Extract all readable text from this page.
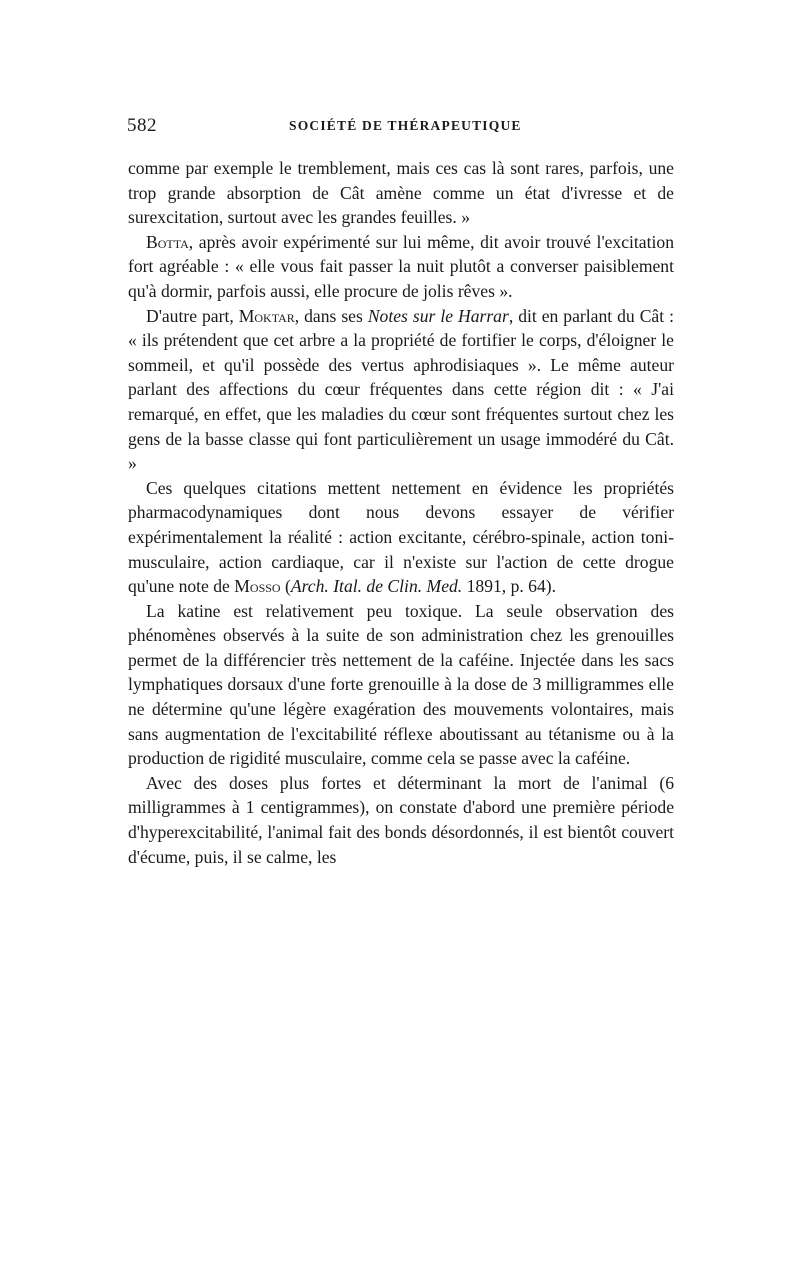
582	SOCIÉTÉ DE THÉRAPEUTIQUE

comme par exemple le tremblement, mais ces cas là sont rares, parfois, une trop grande absorption de Cât amène comme un état d'ivresse et de surexcitation, surtout avec les grandes feuilles. »

Botta, après avoir expérimenté sur lui même, dit avoir trouvé l'excitation fort agréable : « elle vous fait passer la nuit plutôt a converser paisiblement qu'à dormir, parfois aussi, elle procure de jolis rêves ».

D'autre part, Moktar, dans ses Notes sur le Harrar, dit en parlant du Cât : « ils prétendent que cet arbre a la propriété de fortifier le corps, d'éloigner le sommeil, et qu'il possède des vertus aphrodisiaques ». Le même auteur parlant des affections du cœur fréquentes dans cette région dit : « J'ai remarqué, en effet, que les maladies du cœur sont fréquentes surtout chez les gens de la basse classe qui font particulièrement un usage immodéré du Cât. »

Ces quelques citations mettent nettement en évidence les propriétés pharmacodynamiques dont nous devons essayer de vérifier expérimentalement la réalité : action excitante, cérébro-spinale, action toni-musculaire, action cardiaque, car il n'existe sur l'action de cette drogue qu'une note de Mosso (Arch. Ital. de Clin. Med. 1891, p. 64).

La katine est relativement peu toxique. La seule observation des phénomènes observés à la suite de son administration chez les grenouilles permet de la différencier très nettement de la caféine. Injectée dans les sacs lymphatiques dorsaux d'une forte grenouille à la dose de 3 milligrammes elle ne détermine qu'une légère exagération des mouvements volontaires, mais sans augmentation de l'excitabilité réflexe aboutissant au tétanisme ou à la production de rigidité musculaire, comme cela se passe avec la caféine.

Avec des doses plus fortes et déterminant la mort de l'animal (6 milligrammes à 1 centigrammes), on constate d'abord une première période d'hyperexcitabilité, l'animal fait des bonds désordonnés, il est bientôt couvert d'écume, puis, il se calme, les
